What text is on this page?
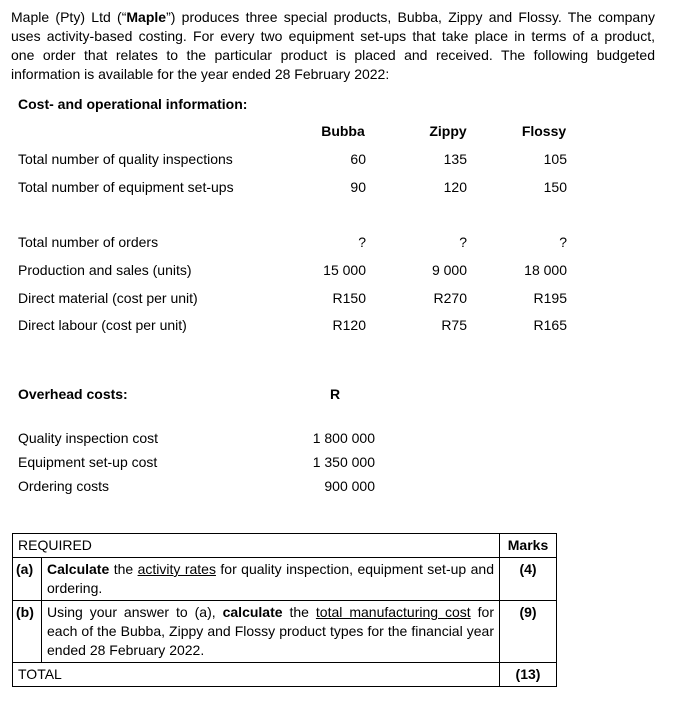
Maple (Pty) Ltd (“Maple”) produces three special products, Bubba, Zippy and Flossy. The company
uses activity-based costing. For every two equipment set-ups that take place in terms of a product,
one order that relates to the particular product is placed and received. The following budgeted
information is available for the year ended 28 February 2022:
Cost- and operational information:
Bubba	Zippy	Flossy
Total number of quality inspections	60	135	105
Total number of equipment set-ups	90	120	150
Total number of orders	?	?	?
Production and sales (units)	15 000	9 000	18 000
Direct material (cost per unit)	R150	R270	R195
Direct labour (cost per unit)	R120	R75	R165
Overhead costs:	R
Quality inspection cost	1 800 000
Equipment set-up cost	1 350 000
Ordering costs	900 000
REQUIRED		Marks
(a)	Calculate the activity rates for quality inspection, equipment set-up and ordering.	(4)
(b)	Using your answer to (a), calculate the total manufacturing cost for each of the Bubba, Zippy and Flossy product types for the financial year ended 28 February 2022.	(9)
TOTAL		(13)
